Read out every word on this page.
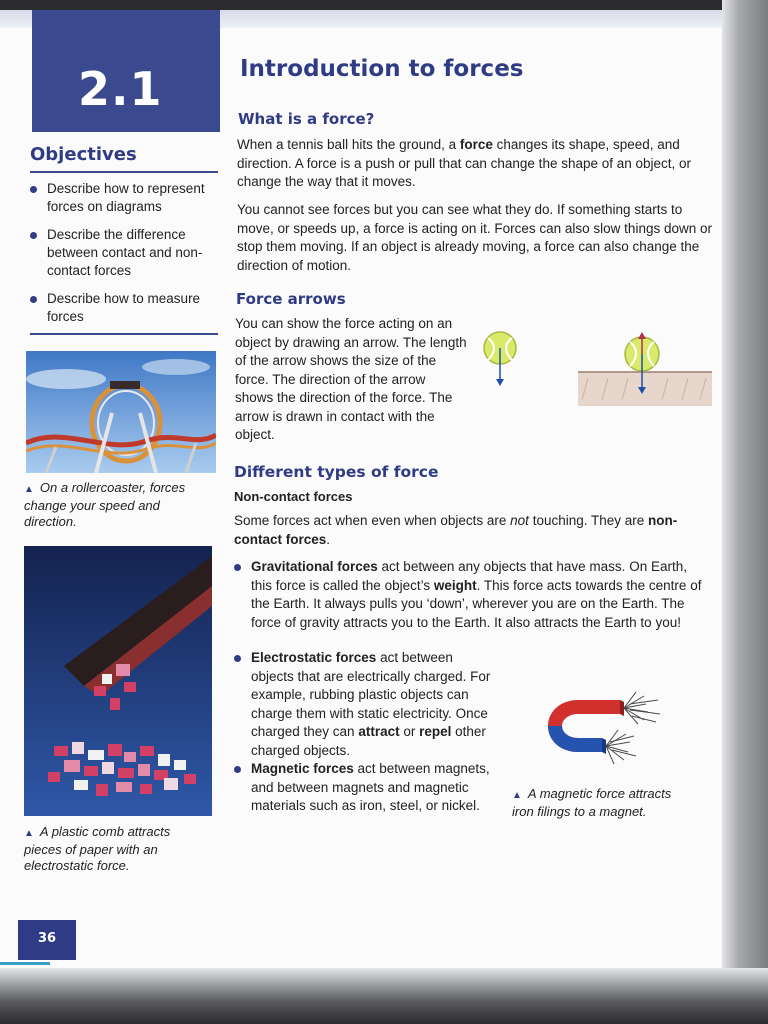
2.1	Introduction to forces
Objectives
Describe how to represent forces on diagrams
Describe the difference between contact and non-contact forces
Describe how to measure forces
▲ On a rollercoaster, forces change your speed and direction.
▲ A plastic comb attracts pieces of paper with an electrostatic force.
What is a force?
When a tennis ball hits the ground, a force changes its shape, speed, and direction. A force is a push or pull that can change the shape of an object, or change the way that it moves.
You cannot see forces but you can see what they do. If something starts to move, or speeds up, a force is acting on it. Forces can also slow things down or stop them moving. If an object is already moving, a force can also change the direction of motion.
Force arrows
You can show the force acting on an object by drawing an arrow. The length of the arrow shows the size of the force. The direction of the arrow shows the direction of the force. The arrow is drawn in contact with the object.
Different types of force
Non-contact forces
Some forces act when even when objects are not touching. They are non-contact forces.
Gravitational forces act between any objects that have mass. On Earth, this force is called the object’s weight. This force acts towards the centre of the Earth. It always pulls you ‘down’, wherever you are on the Earth. The force of gravity attracts you to the Earth. It also attracts the Earth to you!
Electrostatic forces act between objects that are electrically charged. For example, rubbing plastic objects can charge them with static electricity. Once charged they can attract or repel other charged objects.
Magnetic forces act between magnets, and between magnets and magnetic materials such as iron, steel, or nickel.
▲ A magnetic force attracts iron filings to a magnet.
36
